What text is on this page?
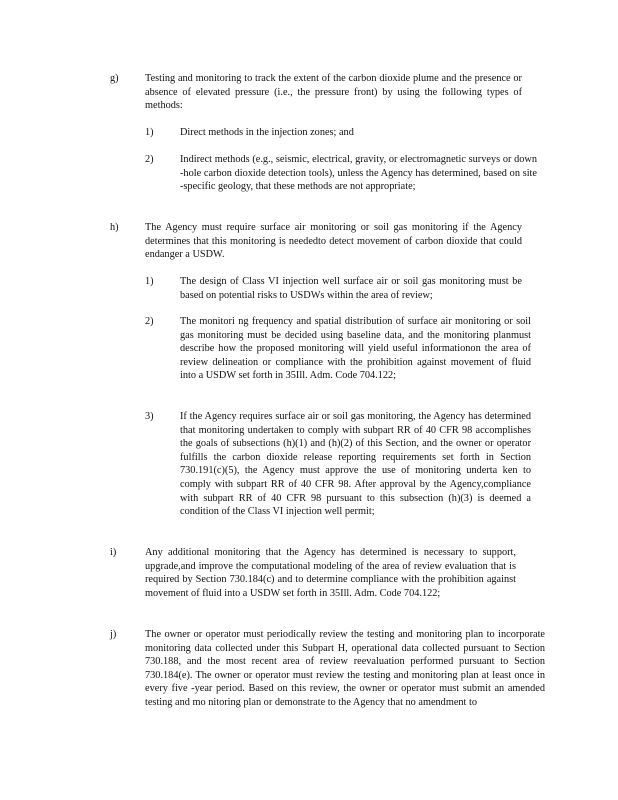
g)	Testing and monitoring to track the extent of the carbon dioxide plume and the presence or absence of elevated pressure (i.e., the pressure front) by using the following types of methods:

1)	Direct methods in the injection zones; and

2)	Indirect methods (e.g., seismic, electrical, gravity, or electromagnetic surveys or down -hole carbon dioxide detection tools), unless the Agency has determined, based on site -specific geology, that these methods are not appropriate;

h)	The Agency must require surface air monitoring or soil gas monitoring if the Agency determines that this monitoring is neededto detect movement of carbon dioxide that could endanger a USDW.

1)	The design of Class VI injection well surface air or soil gas monitoring must be based on potential risks to USDWs within the area of review;

2)	The monitori ng frequency and spatial distribution of surface air monitoring or soil gas monitoring must be decided using baseline data, and the monitoring planmust describe how the proposed monitoring will yield useful informationon the area of review delineation or compliance with the prohibition against movement of fluid into a USDW set forth in 35Ill. Adm. Code 704.122;

3)	If the Agency requires surface air or soil gas monitoring, the Agency has determined that monitoring undertaken to comply with subpart RR of 40 CFR 98 accomplishes the goals of subsections (h)(1) and (h)(2) of this Section, and the owner or operator fulfills the carbon dioxide release reporting requirements set forth in Section 730.191(c)(5), the Agency must approve the use of monitoring underta ken to comply with subpart RR of 40 CFR 98. After approval by the Agency,compliance with subpart RR of 40 CFR 98 pursuant to this subsection (h)(3) is deemed a condition of the Class VI injection well permit;

i)	Any additional monitoring that the Agency has determined is necessary to support, upgrade,and improve the computational modeling of the area of review evaluation that is required by Section 730.184(c) and to determine compliance with the prohibition against movement of fluid into a USDW set forth in 35Ill. Adm. Code 704.122;

j)	The owner or operator must periodically review the testing and monitoring plan to incorporate monitoring data collected under this Subpart H, operational data collected pursuant to Section 730.188, and the most recent area of review reevaluation performed pursuant to Section 730.184(e). The owner or operator must review the testing and monitoring plan at least once in every five -year period. Based on this review, the owner or operator must submit an amended testing and mo nitoring plan or demonstrate to the Agency that no amendment to
